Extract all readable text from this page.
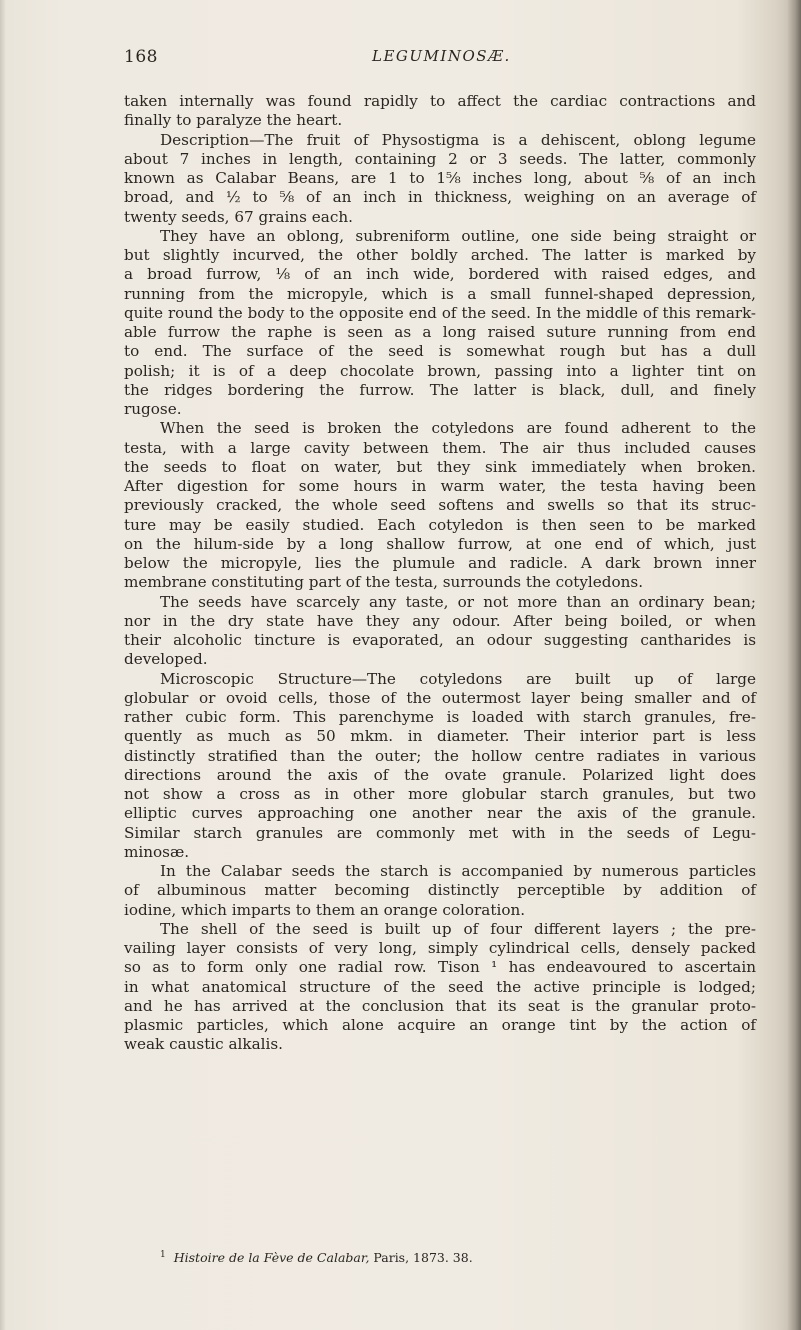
168	LEGUMINOSÆ.
taken internally was found rapidly to affect the cardiac contractions and
finally to paralyze the heart.
Description—The fruit of Physostigma is a dehiscent, oblong legume
about 7 inches in length, containing 2 or 3 seeds. The latter, commonly
known as Calabar Beans, are 1 to 1⅝ inches long, about ⅝ of an inch
broad, and ½ to ⅝ of an inch in thickness, weighing on an average of
twenty seeds, 67 grains each.
They have an oblong, subreniform outline, one side being straight or
but slightly incurved, the other boldly arched. The latter is marked by
a broad furrow, ⅛ of an inch wide, bordered with raised edges, and
running from the micropyle, which is a small funnel-shaped depression,
quite round the body to the opposite end of the seed. In the middle of this remark-
able furrow the raphe is seen as a long raised suture running from end
to end. The surface of the seed is somewhat rough but has a dull
polish; it is of a deep chocolate brown, passing into a lighter tint on
the ridges bordering the furrow. The latter is black, dull, and finely
rugose.
When the seed is broken the cotyledons are found adherent to the
testa, with a large cavity between them. The air thus included causes
the seeds to float on water, but they sink immediately when broken.
After digestion for some hours in warm water, the testa having been
previously cracked, the whole seed softens and swells so that its struc-
ture may be easily studied. Each cotyledon is then seen to be marked
on the hilum-side by a long shallow furrow, at one end of which, just
below the micropyle, lies the plumule and radicle. A dark brown inner
membrane constituting part of the testa, surrounds the cotyledons.
The seeds have scarcely any taste, or not more than an ordinary bean;
nor in the dry state have they any odour. After being boiled, or when
their alcoholic tincture is evaporated, an odour suggesting cantharides is
developed.
Microscopic Structure—The cotyledons are built up of large
globular or ovoid cells, those of the outermost layer being smaller and of
rather cubic form. This parenchyme is loaded with starch granules, fre-
quently as much as 50 mkm. in diameter. Their interior part is less
distinctly stratified than the outer; the hollow centre radiates in various
directions around the axis of the ovate granule. Polarized light does
not show a cross as in other more globular starch granules, but two
elliptic curves approaching one another near the axis of the granule.
Similar starch granules are commonly met with in the seeds of Legu-
minosæ.
In the Calabar seeds the starch is accompanied by numerous particles
of albuminous matter becoming distinctly perceptible by addition of
iodine, which imparts to them an orange coloration.
The shell of the seed is built up of four different layers ; the pre-
vailing layer consists of very long, simply cylindrical cells, densely packed
so as to form only one radial row. Tison ¹ has endeavoured to ascertain
in what anatomical structure of the seed the active principle is lodged;
and he has arrived at the conclusion that its seat is the granular proto-
plasmic particles, which alone acquire an orange tint by the action of
weak caustic alkalis.
$^1$ Histoire de la Fève de Calabar, Paris, 1873. 38.
